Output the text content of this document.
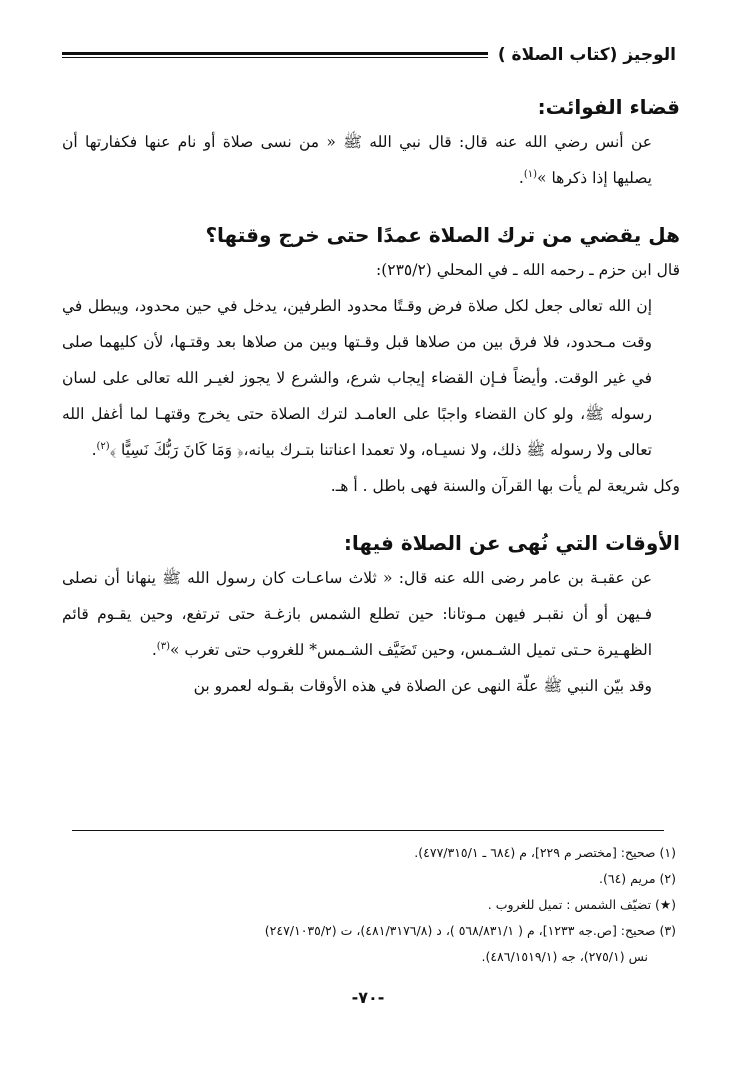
الوجيز (كتاب الصلاة )
قضاء الفوائت:

عن أنس رضي الله عنه قال: قال نبي الله ﷺ « من نسى صلاة أو نام عنها فكفارتها أن يصليها إذا ذكرها »$^{(١)}$.

هل يقضي من ترك الصلاة عمدًا حتى خرج وقتها؟

قال ابن حزم ـ رحمه الله ـ في المحلي (٢٣٥/٢):

إن الله تعالى جعل لكل صلاة فرض وقـتًا محدود الطرفين، يدخل في حين محدود، ويبطل في وقت مـحدود، فلا فرق بين من صلاها قبل وقـتها وبين من صلاها بعد وقتـها، لأن كليهما صلى في غير الوقت. وأيضاً فـإن القضاء إيجاب شرع، والشرع لا يجوز لغيـر الله تعالى على لسان رسوله ﷺ، ولو كان القضاء واجبًا على العامـد لترك الصلاة حتى يخرج وقتهـا لما أغفل الله تعالى ولا رسوله ﷺ ذلك، ولا نسيـاه، ولا تعمدا اعناتنا بتـرك بيانه،﴿ وَمَا كَانَ رَبُّكَ نَسِيًّا ﴾$^{(٢)}$.

وكل شريعة لم يأت بها القرآن والسنة فهى باطل . أ هـ.

الأوقات التي نُهى عن الصلاة فيها:

عن عقبـة بن عامر رضى الله عنه قال: « ثلاث ساعـات كان رسول الله ﷺ ينهانا أن نصلى فـيهن أو أن نقبـر فيهن مـوتانا: حين تطلع الشمس بازغـة حتى ترتفع، وحين يقـوم قائم الظهـيرة حـتى تميل الشـمس، وحين تَضَيَّف الشـمس* للغروب حتى تغرب »$^{(٣)}$.

وقد بيّن النبي ﷺ علّة النهى عن الصلاة في هذه الأوقات بقـوله لعمرو بن

(١) صحيح: [مختصر م ٢٢٩]، م (٦٨٤ ـ ٤٧٧/٣١٥/١).
(٢) مريم (٦٤).
(★) تضيّف الشمس : تميل للغروب .
(٣) صحيح: [ص.جه ١٢٣٣]، م ( ٥٦٨/٨٣١/١ )، د (٤٨١/٣١٧٦/٨)، ت (٢٤٧/١٠٣٥/٢)
نس (٢٧٥/١)، جه (٤٨٦/١٥١٩/١).
-٧٠-
